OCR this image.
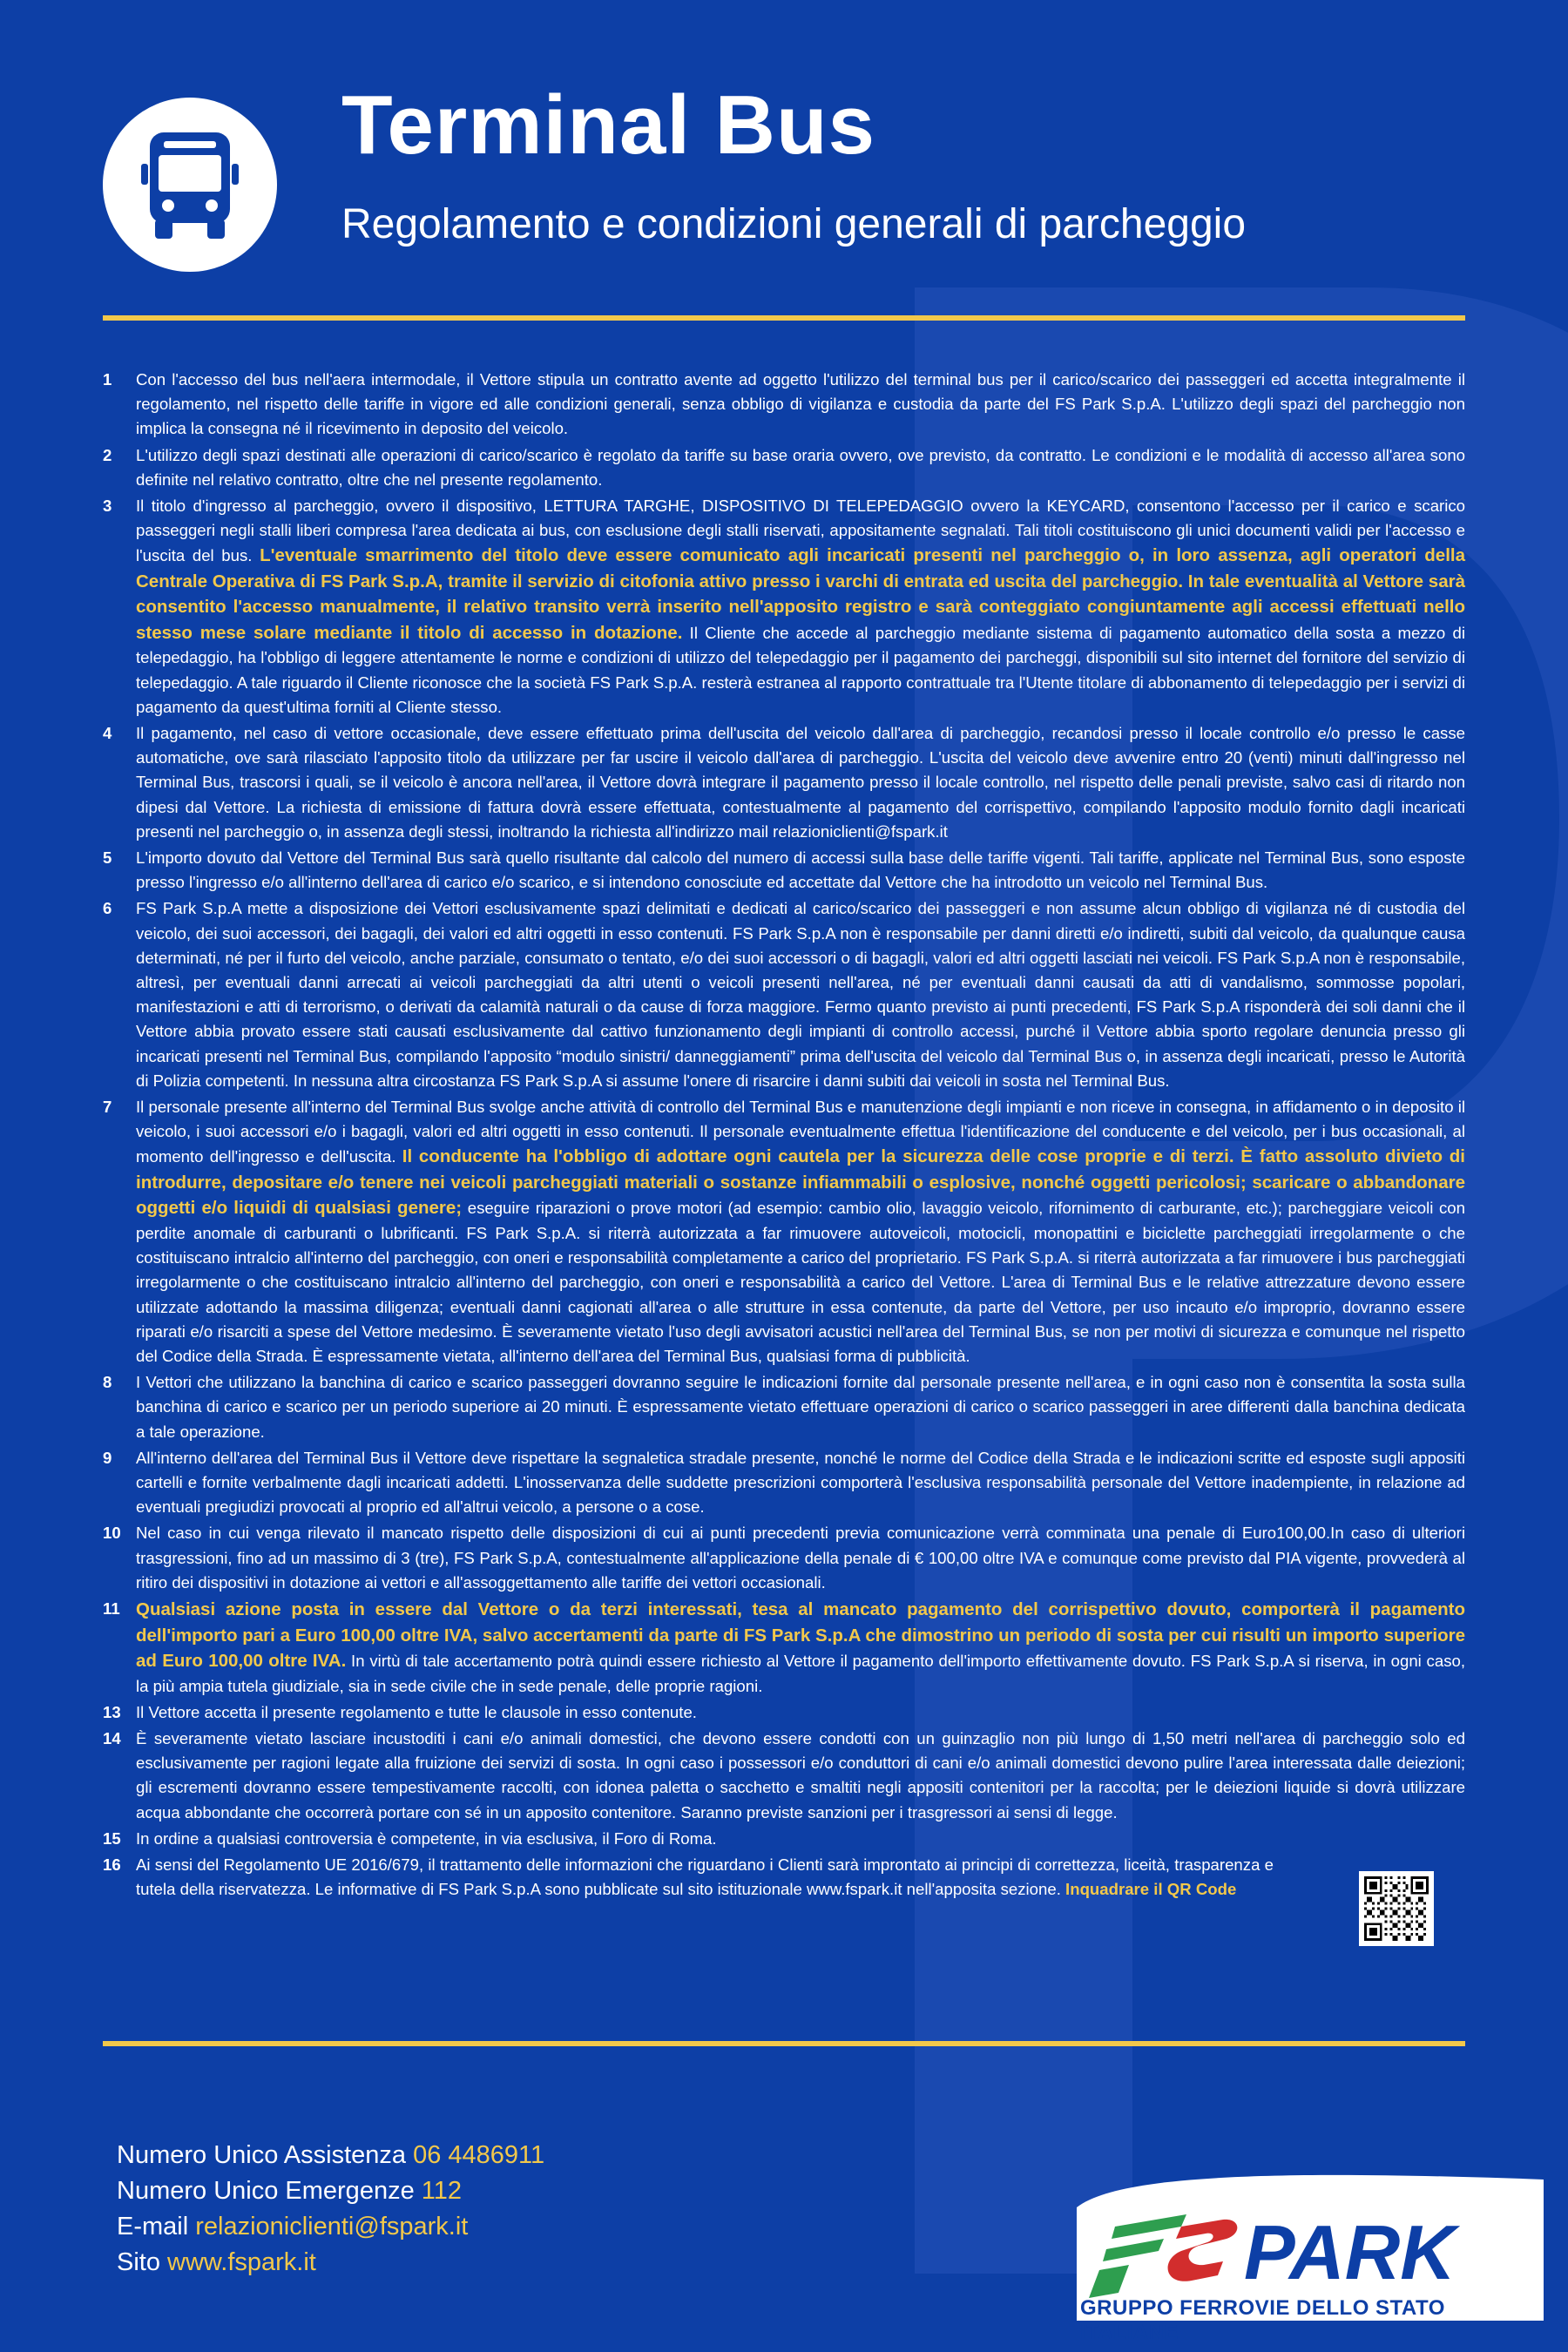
Terminal Bus
Regolamento e condizioni generali di parcheggio
1 Con l'accesso del bus nell'aera intermodale, il Vettore stipula un contratto avente ad oggetto l'utilizzo del terminal bus per il carico/scarico dei passeggeri ed accetta integralmente il regolamento, nel rispetto delle tariffe in vigore ed alle condizioni generali, senza obbligo di vigilanza e custodia da parte del FS Park S.p.A. L'utilizzo degli spazi del parcheggio non implica la consegna né il ricevimento in deposito del veicolo.
2 L'utilizzo degli spazi destinati alle operazioni di carico/scarico è regolato da tariffe su base oraria ovvero, ove previsto, da contratto. Le condizioni e le modalità di accesso all'area sono definite nel relativo contratto, oltre che nel presente regolamento.
3 Il titolo d'ingresso al parcheggio, ovvero il dispositivo, LETTURA TARGHE, DISPOSITIVO DI TELEPEDAGGIO ovvero la KEYCARD, consentono l'accesso per il carico e scarico passeggeri negli stalli liberi compresa l'area dedicata ai bus, con esclusione degli stalli riservati, appositamente segnalati. Tali titoli costituiscono gli unici documenti validi per l'accesso e l'uscita del bus. L'eventuale smarrimento del titolo deve essere comunicato agli incaricati presenti nel parcheggio o, in loro assenza, agli operatori della Centrale Operativa di FS Park S.p.A, tramite il servizio di citofonia attivo presso i varchi di entrata ed uscita del parcheggio. In tale eventualità al Vettore sarà consentito l'accesso manualmente, il relativo transito verrà inserito nell'apposito registro e sarà conteggiato congiuntamente agli accessi effettuati nello stesso mese solare mediante il titolo di accesso in dotazione. Il Cliente che accede al parcheggio mediante sistema di pagamento automatico della sosta a mezzo di telepedaggio, ha l'obbligo di leggere attentamente le norme e condizioni di utilizzo del telepedaggio per il pagamento dei parcheggi, disponibili sul sito internet del fornitore del servizio di telepedaggio. A tale riguardo il Cliente riconosce che la società FS Park S.p.A. resterà estranea al rapporto contrattuale tra l'Utente titolare di abbonamento di telepedaggio per i servizi di pagamento da quest'ultima forniti al Cliente stesso.
4 Il pagamento, nel caso di vettore occasionale, deve essere effettuato prima dell'uscita del veicolo dall'area di parcheggio, recandosi presso il locale controllo e/o presso le casse automatiche, ove sarà rilasciato l'apposito titolo da utilizzare per far uscire il veicolo dall'area di parcheggio. L'uscita del veicolo deve avvenire entro 20 (venti) minuti dall'ingresso nel Terminal Bus, trascorsi i quali, se il veicolo è ancora nell'area, il Vettore dovrà integrare il pagamento presso il locale controllo, nel rispetto delle penali previste, salvo casi di ritardo non dipesi dal Vettore. La richiesta di emissione di fattura dovrà essere effettuata, contestualmente al pagamento del corrispettivo, compilando l'apposito modulo fornito dagli incaricati presenti nel parcheggio o, in assenza degli stessi, inoltrando la richiesta all'indirizzo mail relazioniclienti@fspark.it
5 L'importo dovuto dal Vettore del Terminal Bus sarà quello risultante dal calcolo del numero di accessi sulla base delle tariffe vigenti. Tali tariffe, applicate nel Terminal Bus, sono esposte presso l'ingresso e/o all'interno dell'area di carico e/o scarico, e si intendono conosciute ed accettate dal Vettore che ha introdotto un veicolo nel Terminal Bus.
6 FS Park S.p.A mette a disposizione dei Vettori esclusivamente spazi delimitati e dedicati al carico/scarico dei passeggeri e non assume alcun obbligo di vigilanza né di custodia del veicolo, dei suoi accessori, dei bagagli, dei valori ed altri oggetti in esso contenuti. FS Park S.p.A non è responsabile per danni diretti e/o indiretti, subiti dal veicolo, da qualunque causa determinati, né per il furto del veicolo, anche parziale, consumato o tentato, e/o dei suoi accessori o di bagagli, valori ed altri oggetti lasciati nei veicoli. FS Park S.p.A non è responsabile, altresì, per eventuali danni arrecati ai veicoli parcheggiati da altri utenti o veicoli presenti nell'area, né per eventuali danni causati da atti di vandalismo, sommosse popolari, manifestazioni e atti di terrorismo, o derivati da calamità naturali o da cause di forza maggiore. Fermo quanto previsto ai punti precedenti, FS Park S.p.A risponderà dei soli danni che il Vettore abbia provato essere stati causati esclusivamente dal cattivo funzionamento degli impianti di controllo accessi, purché il Vettore abbia sporto regolare denuncia presso gli incaricati presenti nel Terminal Bus, compilando l'apposito “modulo sinistri/ danneggiamenti” prima dell'uscita del veicolo dal Terminal Bus o, in assenza degli incaricati, presso le Autorità di Polizia competenti. In nessuna altra circostanza FS Park S.p.A si assume l'onere di risarcire i danni subiti dai veicoli in sosta nel Terminal Bus.
7 Il personale presente all'interno del Terminal Bus svolge anche attività di controllo del Terminal Bus e manutenzione degli impianti e non riceve in consegna, in affidamento o in deposito il veicolo, i suoi accessori e/o i bagagli, valori ed altri oggetti in esso contenuti. Il personale eventualmente effettua l'identificazione del conducente e del veicolo, per i bus occasionali, al momento dell'ingresso e dell'uscita. Il conducente ha l'obbligo di adottare ogni cautela per la sicurezza delle cose proprie e di terzi. È fatto assoluto divieto di introdurre, depositare e/o tenere nei veicoli parcheggiati materiali o sostanze infiammabili o esplosive, nonché oggetti pericolosi; scaricare o abbandonare oggetti e/o liquidi di qualsiasi genere; eseguire riparazioni o prove motori (ad esempio: cambio olio, lavaggio veicolo, rifornimento di carburante, etc.); parcheggiare veicoli con perdite anomale di carburanti o lubrificanti. FS Park S.p.A. si riterrà autorizzata a far rimuovere autoveicoli, motocicli, monopattini e biciclette parcheggiati irregolarmente o che costituiscano intralcio all'interno del parcheggio, con oneri e responsabilità completamente a carico del proprietario. FS Park S.p.A. si riterrà autorizzata a far rimuovere i bus parcheggiati irregolarmente o che costituiscano intralcio all'interno del parcheggio, con oneri e responsabilità a carico del Vettore. L'area di Terminal Bus e le relative attrezzature devono essere utilizzate adottando la massima diligenza; eventuali danni cagionati all'area o alle strutture in essa contenute, da parte del Vettore, per uso incauto e/o improprio, dovranno essere riparati e/o risarciti a spese del Vettore medesimo. È severamente vietato l'uso degli avvisatori acustici nell'area del Terminal Bus, se non per motivi di sicurezza e comunque nel rispetto del Codice della Strada. È espressamente vietata, all'interno dell'area del Terminal Bus, qualsiasi forma di pubblicità.
8 I Vettori che utilizzano la banchina di carico e scarico passeggeri dovranno seguire le indicazioni fornite dal personale presente nell'area, e in ogni caso non è consentita la sosta sulla banchina di carico e scarico per un periodo superiore ai 20 minuti. È espressamente vietato effettuare operazioni di carico o scarico passeggeri in aree differenti dalla banchina dedicata a tale operazione.
9 All'interno dell'area del Terminal Bus il Vettore deve rispettare la segnaletica stradale presente, nonché le norme del Codice della Strada e le indicazioni scritte ed esposte sugli appositi cartelli e fornite verbalmente dagli incaricati addetti. L'inosservanza delle suddette prescrizioni comporterà l'esclusiva responsabilità personale del Vettore inadempiente, in relazione ad eventuali pregiudizi provocati al proprio ed all'altrui veicolo, a persone o a cose.
10 Nel caso in cui venga rilevato il mancato rispetto delle disposizioni di cui ai punti precedenti previa comunicazione verrà comminata una penale di Euro100,00.In caso di ulteriori trasgressioni, fino ad un massimo di 3 (tre), FS Park S.p.A, contestualmente all'applicazione della penale di € 100,00 oltre IVA e comunque come previsto dal PIA vigente, provvederà al ritiro dei dispositivi in dotazione ai vettori e all'assoggettamento alle tariffe dei vettori occasionali.
11 Qualsiasi azione posta in essere dal Vettore o da terzi interessati, tesa al mancato pagamento del corrispettivo dovuto, comporterà il pagamento dell'importo pari a Euro 100,00 oltre IVA, salvo accertamenti da parte di FS Park S.p.A che dimostrino un periodo di sosta per cui risulti un importo superiore ad Euro 100,00 oltre IVA. In virtù di tale accertamento potrà quindi essere richiesto al Vettore il pagamento dell'importo effettivamente dovuto. FS Park S.p.A si riserva, in ogni caso, la più ampia tutela giudiziale, sia in sede civile che in sede penale, delle proprie ragioni.
13 Il Vettore accetta il presente regolamento e tutte le clausole in esso contenute.
14 È severamente vietato lasciare incustoditi i cani e/o animali domestici, che devono essere condotti con un guinzaglio non più lungo di 1,50 metri nell'area di parcheggio solo ed esclusivamente per ragioni legate alla fruizione dei servizi di sosta. In ogni caso i possessori e/o conduttori di cani e/o animali domestici devono pulire l'area interessata dalle deiezioni; gli escrementi dovranno essere tempestivamente raccolti, con idonea paletta o sacchetto e smaltiti negli appositi contenitori per la raccolta; per le deiezioni liquide si dovrà utilizzare acqua abbondante che occorrerà portare con sé in un apposito contenitore. Saranno previste sanzioni per i trasgressori ai sensi di legge.
15 In ordine a qualsiasi controversia è competente, in via esclusiva, il Foro di Roma.
16 Ai sensi del Regolamento UE 2016/679, il trattamento delle informazioni che riguardano i Clienti sarà improntato ai principi di correttezza, liceità, trasparenza e tutela della riservatezza. Le informative di FS Park S.p.A sono pubblicate sul sito istituzionale www.fspark.it nell'apposita sezione. Inquadrare il QR Code
Numero Unico Assistenza 06 4486911
Numero Unico Emergenze 112
E-mail relazioniclienti@fspark.it
Sito www.fspark.it	PARK
GRUPPO FERROVIE DELLO STATO ITALIANE
